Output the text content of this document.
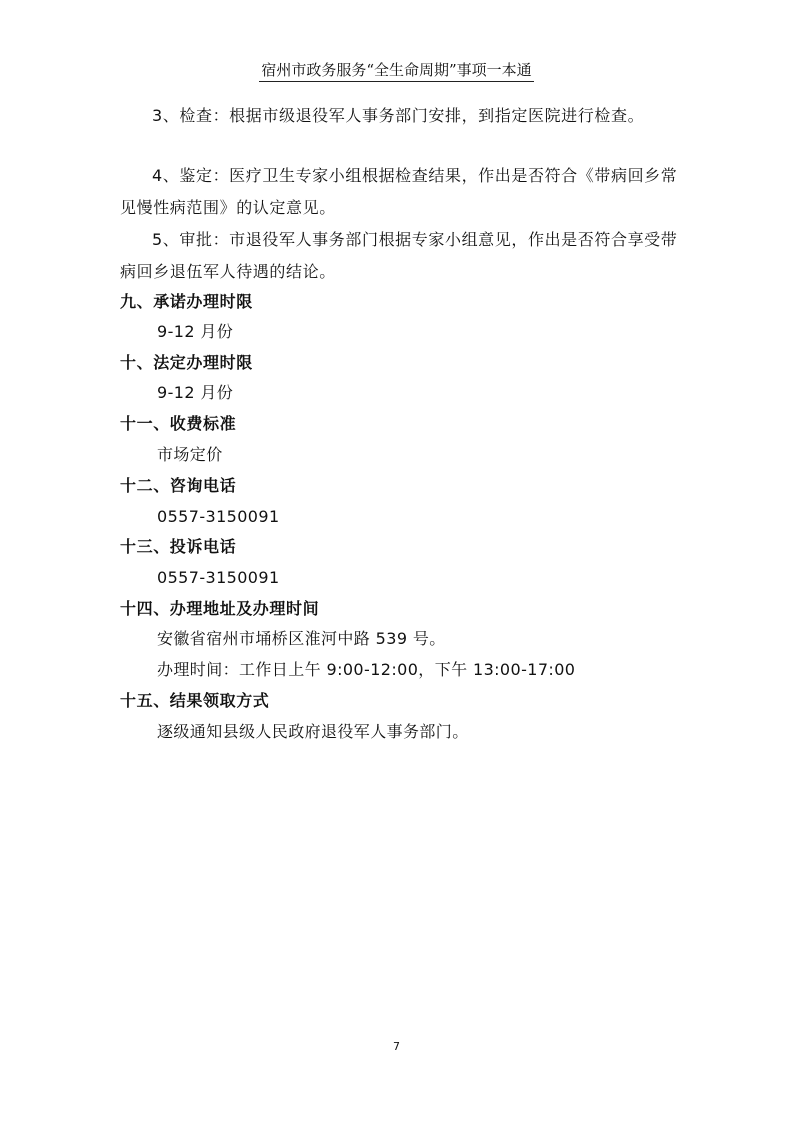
宿州市政务服务“全生命周期”事项一本通

3、检查：根据市级退役军人事务部门安排，到指定医院进行检查。

4、鉴定：医疗卫生专家小组根据检查结果，作出是否符合《带病回乡常见慢性病范围》的认定意见。

5、审批：市退役军人事务部门根据专家小组意见，作出是否符合享受带病回乡退伍军人待遇的结论。

九、承诺办理时限

9-12 月份

十、法定办理时限

9-12 月份

十一、收费标准

市场定价

十二、咨询电话

0557-3150091

十三、投诉电话

0557-3150091

十四、办理地址及办理时间

安徽省宿州市埇桥区淮河中路 539 号。

办理时间：工作日上午 9:00-12:00，下午 13:00-17:00

十五、结果领取方式

逐级通知县级人民政府退役军人事务部门。

7
